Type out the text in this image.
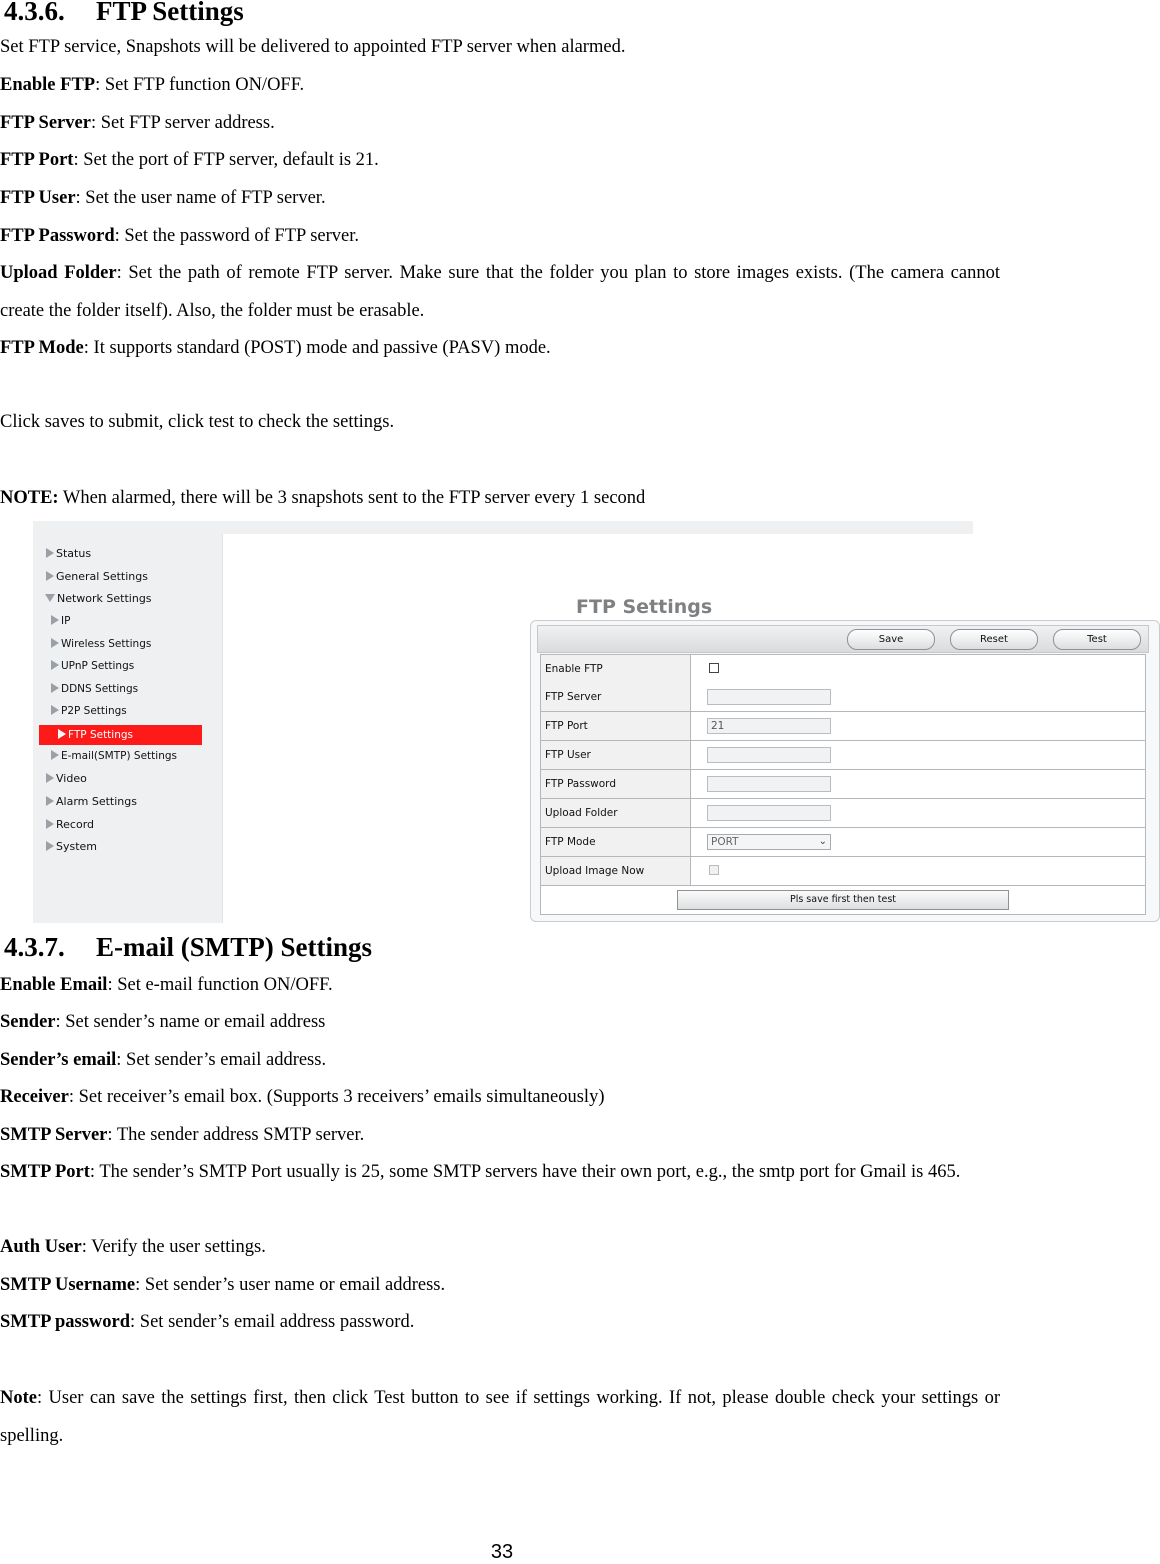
4.3.6. FTP Settings
Set FTP service, Snapshots will be delivered to appointed FTP server when alarmed.
Enable FTP: Set FTP function ON/OFF.
FTP Server: Set FTP server address.
FTP Port: Set the port of FTP server, default is 21.
FTP User: Set the user name of FTP server.
FTP Password: Set the password of FTP server.
Upload Folder: Set the path of remote FTP server. Make sure that the folder you plan to store images exists. (The camera cannot create the folder itself). Also, the folder must be erasable.
FTP Mode: It supports standard (POST) mode and passive (PASV) mode.
Click saves to submit, click test to check the settings.
NOTE: When alarmed, there will be 3 snapshots sent to the FTP server every 1 second
Status
General Settings
Network Settings
IP
Wireless Settings
UPnP Settings
DDNS Settings
P2P Settings
FTP Settings
E-mail(SMTP) Settings
Video
Alarm Settings
Record
System
FTP Settings
Save	Reset	Test
Enable FTP
FTP Server
FTP Port	21
FTP User
FTP Password
Upload Folder
FTP Mode	PORT	⌄
Upload Image Now
Pls save first then test
4.3.7. E-mail (SMTP) Settings
Enable Email: Set e-mail function ON/OFF.
Sender: Set sender’s name or email address
Sender’s email: Set sender’s email address.
Receiver: Set receiver’s email box. (Supports 3 receivers’ emails simultaneously)
SMTP Server: The sender address SMTP server.
SMTP Port: The sender’s SMTP Port usually is 25, some SMTP servers have their own port, e.g., the smtp port for Gmail is 465.
Auth User: Verify the user settings.
SMTP Username: Set sender’s user name or email address.
SMTP password: Set sender’s email address password.
Note: User can save the settings first, then click Test button to see if settings working. If not, please double check your settings or spelling.
33
